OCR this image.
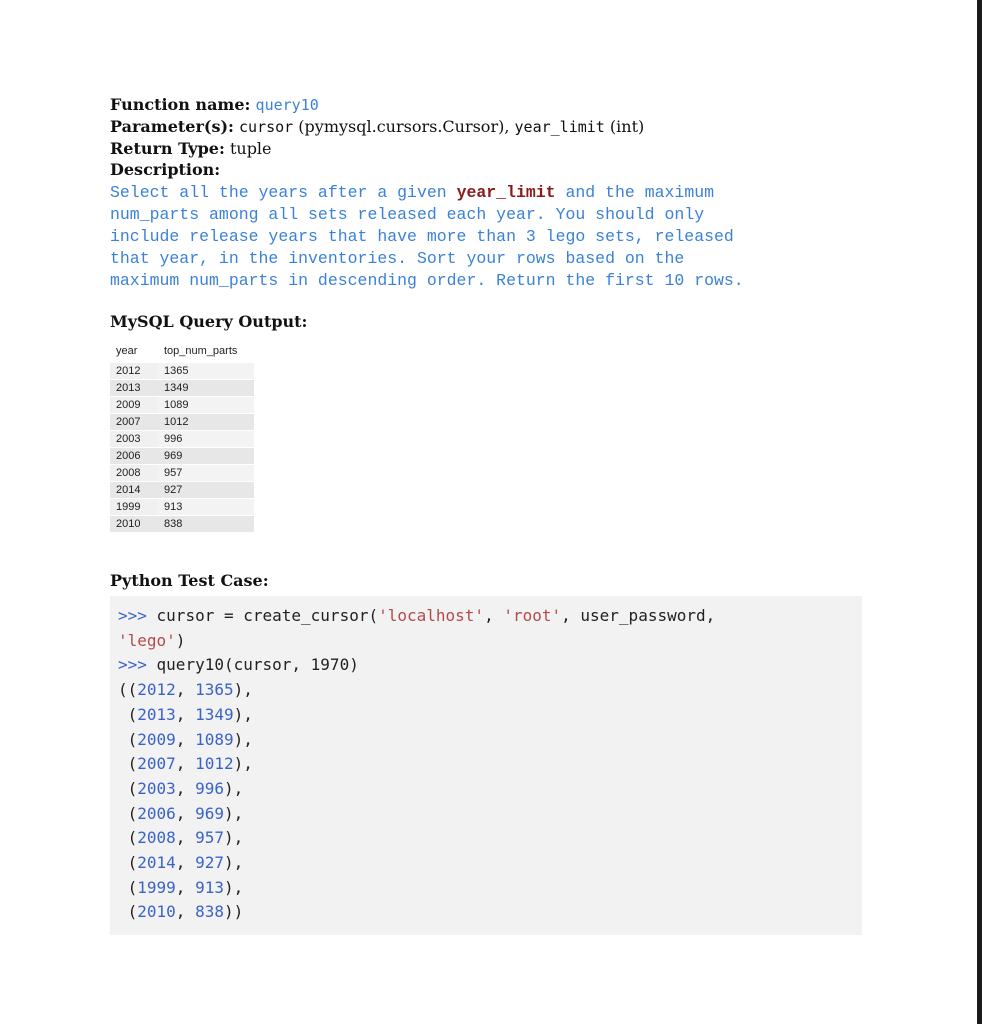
Function name: query10
Parameter(s): cursor (pymysql.cursors.Cursor), year_limit (int)
Return Type: tuple
Description:
Select all the years after a given year_limit and the maximum
num_parts among all sets released each year. You should only
include release years that have more than 3 lego sets, released
that year, in the inventories. Sort your rows based on the
maximum num_parts in descending order. Return the first 10 rows.
MySQL Query Output:
year	top_num_parts
2012	1365
2013	1349
2009	1089
2007	1012
2003	996
2006	969
2008	957
2014	927
1999	913
2010	838
Python Test Case:
>>> cursor = create_cursor('localhost', 'root', user_password,
'lego')
>>> query10(cursor, 1970)
((2012, 1365),
(2013, 1349),
(2009, 1089),
(2007, 1012),
(2003, 996),
(2006, 969),
(2008, 957),
(2014, 927),
(1999, 913),
(2010, 838))
